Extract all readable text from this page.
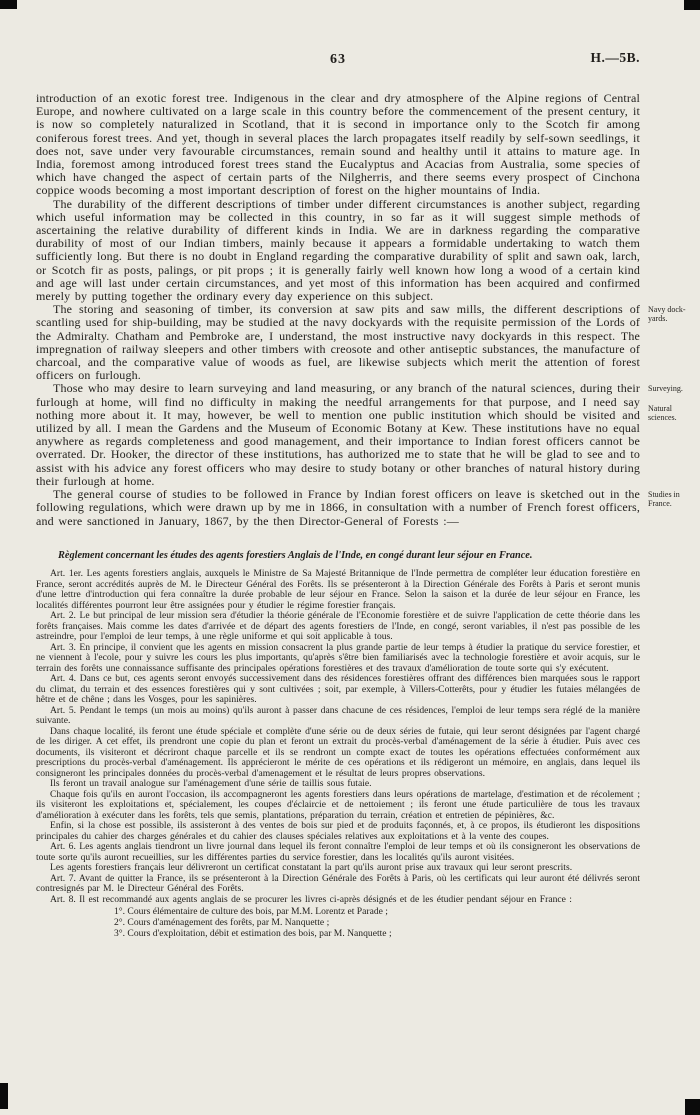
63	H.—5B.

introduction of an exotic forest tree. Indigenous in the clear and dry atmosphere of the Alpine regions of Central Europe, and nowhere cultivated on a large scale in this country before the commencement of the present century, it is now so completely naturalized in Scotland, that it is second in importance only to the Scotch fir among coniferous forest trees. And yet, though in several places the larch propagates itself readily by self-sown seedlings, it does not, save under very favourable circumstances, remain sound and healthy until it attains to mature age. In India, foremost among introduced forest trees stand the Eucalyptus and Acacias from Australia, some species of which have changed the aspect of certain parts of the Nilgherris, and there seems every prospect of Cinchona coppice woods becoming a most important description of forest on the higher mountains of India.

The durability of the different descriptions of timber under different circumstances is another subject, regarding which useful information may be collected in this country, in so far as it will suggest simple methods of ascertaining the relative durability of different kinds in India. We are in darkness regarding the comparative durability of most of our Indian timbers, mainly because it appears a formidable undertaking to watch them sufficiently long. But there is no doubt in England regarding the comparative durability of split and sawn oak, larch, or Scotch fir as posts, palings, or pit props ; it is generally fairly well known how long a wood of a certain kind and age will last under certain circumstances, and yet most of this information has been acquired and confirmed merely by putting together the ordinary every day experience on this subject.

The storing and seasoning of timber, its conversion at saw pits and saw mills, the different descriptions of scantling used for ship-building, may be studied at the navy dockyards with the requisite permission of the Lords of the Admiralty. Chatham and Pembroke are, I understand, the most instructive navy dockyards in this respect. The impregnation of railway sleepers and other timbers with creosote and other antiseptic substances, the manufacture of charcoal, and the comparative value of woods as fuel, are likewise subjects which merit the attention of forest officers on furlough.

Navy dock-yards.

Those who may desire to learn surveying and land measuring, or any branch of the natural sciences, during their furlough at home, will find no difficulty in making the needful arrangements for that purpose, and I need say nothing more about it. It may, however, be well to mention one public institution which should be visited and utilized by all. I mean the Gardens and the Museum of Economic Botany at Kew. These institutions have no equal anywhere as regards completeness and good management, and their importance to Indian forest officers cannot be overrated. Dr. Hooker, the director of these institutions, has authorized me to state that he will be glad to see and to assist with his advice any forest officers who may desire to study botany or other branches of natural history during their furlough at home.

Surveying.
Natural sciences.

The general course of studies to be followed in France by Indian forest officers on leave is sketched out in the following regulations, which were drawn up by me in 1866, in consultation with a number of French forest officers, and were sanctioned in January, 1867, by the then Director-General of Forests :—

Studies in France.

Règlement concernant les études des agents forestiers Anglais de l'Inde, en congé durant leur séjour en France.

Art. 1er. Les agents forestiers anglais, auxquels le Ministre de Sa Majesté Britannique de l'Inde permettra de compléter leur éducation forestière en France, seront accrédités auprès de M. le Directeur Général des Forêts. Ils se présenteront à la Direction Générale des Forêts à Paris et seront munis d'une lettre d'introduction qui fera connaître la durée probable de leur séjour en France. Selon la saison et la durée de leur séjour en France, les localités différentes pourront leur être assignées pour y étudier le régime forestier français.

Art. 2. Le but principal de leur mission sera d'étudier la théorie générale de l'Economie forestière et de suivre l'application de cette théorie dans les forêts françaises. Mais comme les dates d'arrivée et de départ des agents forestiers de l'Inde, en congé, seront variables, il n'est pas possible de les astreindre, pour l'emploi de leur temps, à une règle uniforme et qui soit applicable à tous.

Art. 3. En principe, il convient que les agents en mission consacrent la plus grande partie de leur temps à étudier la pratique du service forestier, et ne viennent à l'ecole, pour y suivre les cours les plus importants, qu'après s'être bien familiarisés avec la technologie forestière et avoir acquis, sur le terrain des forêts une connaissance suffisante des principales opérations forestières et des travaux d'amélioration de toute sorte qui s'y exécutent.

Art. 4. Dans ce but, ces agents seront envoyés successivement dans des résidences forestières offrant des différences bien marquées sous le rapport du climat, du terrain et des essences forestières qui y sont cultivées ; soit, par exemple, à Villers-Cotterêts, pour y étudier les futaies mélangées de hêtre et de chêne ; dans les Vosges, pour les sapinières.

Art. 5. Pendant le temps (un mois au moins) qu'ils auront à passer dans chacune de ces résidences, l'emploi de leur temps sera réglé de la manière suivante.

Dans chaque localité, ils feront une étude spéciale et complète d'une série ou de deux séries de futaie, qui leur seront désignées par l'agent chargé de les diriger. A cet effet, ils prendront une copie du plan et feront un extrait du procès-verbal d'aménagement de la série à étudier. Puis avec ces documents, ils visiteront et décriront chaque parcelle et ils se rendront un compte exact de toutes les opérations effectuées conformément aux prescriptions du procès-verbal d'aménagement. Ils apprécieront le mérite de ces opérations et ils rédigeront un mémoire, en anglais, dans lequel ils consigneront les principales données du procès-verbal d'amenagement et le résultat de leurs propres observations.

Ils feront un travail analogue sur l'aménagement d'une série de taillis sous futaie.

Chaque fois qu'ils en auront l'occasion, ils accompagneront les agents forestiers dans leurs opérations de martelage, d'estimation et de récolement ; ils visiteront les exploitations et, spécialement, les coupes d'éclaircie et de nettoiement ; ils feront une étude particulière de tous les travaux d'amélioration à exécuter dans les forêts, tels que semis, plantations, préparation du terrain, création et entretien de pépinières, &c.

Enfin, si la chose est possible, ils assisteront à des ventes de bois sur pied et de produits façonnés, et, à ce propos, ils étudieront les dispositions principales du cahier des charges générales et du cahier des clauses spéciales relatives aux exploitations et à la vente des coupes.

Art. 6. Les agents anglais tiendront un livre journal dans lequel ils feront connaître l'emploi de leur temps et où ils consigneront les observations de toute sorte qu'ils auront recueillies, sur les différentes parties du service forestier, dans les localités qu'ils auront visitées.

Les agents forestiers français leur délivreront un certificat constatant la part qu'ils auront prise aux travaux qui leur seront prescrits.

Art. 7. Avant de quitter la France, ils se présenteront à la Direction Générale des Forêts à Paris, où les certificats qui leur auront été délivrés seront contresignés par M. le Directeur Général des Forêts.

Art. 8. Il est recommandé aux agents anglais de se procurer les livres ci-après désignés et de les étudier pendant séjour en France :

1°. Cours élémentaire de culture des bois, par M.M. Lorentz et Parade ;
2°. Cours d'aménagement des forêts, par M. Nanquette ;
3°. Cours d'exploitation, débit et estimation des bois, par M. Nanquette ;
